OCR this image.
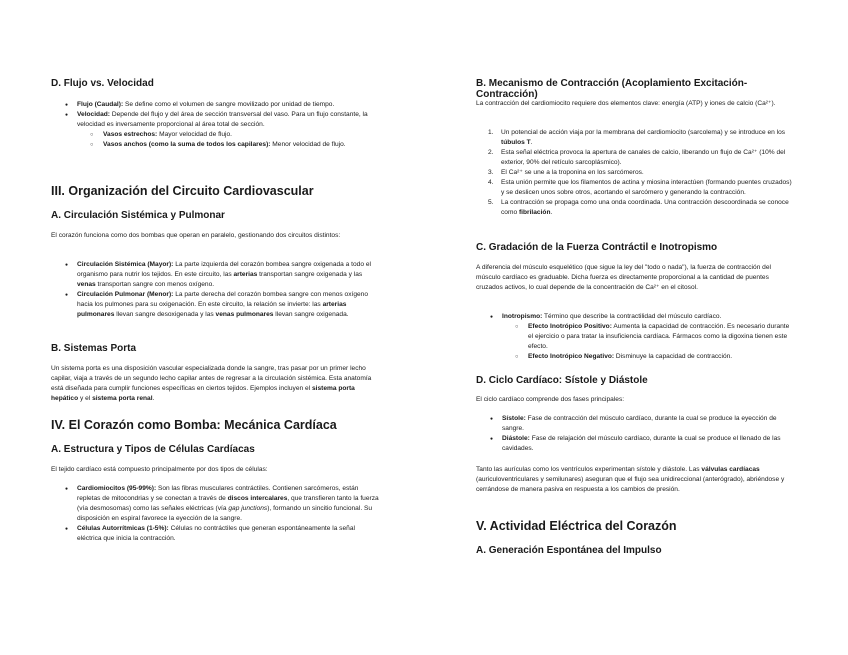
D. Flujo vs. Velocidad
● Flujo (Caudal): Se define como el volumen de sangre movilizado por unidad de tiempo.
● Velocidad: Depende del flujo y del área de sección transversal del vaso. Para un flujo constante, la velocidad es inversamente proporcional al área total de sección.
○ Vasos estrechos: Mayor velocidad de flujo.
○ Vasos anchos (como la suma de todos los capilares): Menor velocidad de flujo.
III. Organización del Circuito Cardiovascular
A. Circulación Sistémica y Pulmonar

El corazón funciona como dos bombas que operan en paralelo, gestionando dos circuitos distintos:

● Circulación Sistémica (Mayor): La parte izquierda del corazón bombea sangre oxigenada a todo el organismo para nutrir los tejidos. En este circuito, las arterias transportan sangre oxigenada y las venas transportan sangre con menos oxígeno.
● Circulación Pulmonar (Menor): La parte derecha del corazón bombea sangre con menos oxígeno hacia los pulmones para su oxigenación. En este circuito, la relación se invierte: las arterias pulmonares llevan sangre desoxigenada y las venas pulmonares llevan sangre oxigenada.
B. Sistemas Porta

Un sistema porta es una disposición vascular especializada donde la sangre, tras pasar por un primer lecho capilar, viaja a través de un segundo lecho capilar antes de regresar a la circulación sistémica. Esta anatomía está diseñada para cumplir funciones específicas en ciertos tejidos. Ejemplos incluyen el sistema porta hepático y el sistema porta renal.

IV. El Corazón como Bomba: Mecánica Cardíaca
A. Estructura y Tipos de Células Cardíacas

El tejido cardíaco está compuesto principalmente por dos tipos de células:

● Cardiomiocitos (95-99%): Son las fibras musculares contráctiles. Contienen sarcómeros, están repletas de mitocondrias y se conectan a través de discos intercalares, que transfieren tanto la fuerza (vía desmosomas) como las señales eléctricas (vía gap junctions), formando un sincitio funcional. Su disposición en espiral favorece la eyección de la sangre.
● Células Autorrítmicas (1-5%): Células no contráctiles que generan espontáneamente la señal eléctrica que inicia la contracción.
B. Mecanismo de Contracción (Acoplamiento Excitación-Contracción)

La contracción del cardiomiocito requiere dos elementos clave: energía (ATP) y iones de calcio (Ca²⁺).

1. Un potencial de acción viaja por la membrana del cardiomiocito (sarcolema) y se introduce en los túbulos T.
2. Esta señal eléctrica provoca la apertura de canales de calcio, liberando un flujo de Ca²⁺ (10% del exterior, 90% del retículo sarcoplásmico).
3. El Ca²⁺ se une a la troponina en los sarcómeros.
4. Esta unión permite que los filamentos de actina y miosina interactúen (formando puentes cruzados) y se deslicen unos sobre otros, acortando el sarcómero y generando la contracción.
5. La contracción se propaga como una onda coordinada. Una contracción descoordinada se conoce como fibrilación.
C. Gradación de la Fuerza Contráctil e Inotropismo

A diferencia del músculo esquelético (que sigue la ley del "todo o nada"), la fuerza de contracción del músculo cardíaco es graduable. Dicha fuerza es directamente proporcional a la cantidad de puentes cruzados activos, lo cual depende de la concentración de Ca²⁺ en el citosol.

● Inotropismo: Término que describe la contractilidad del músculo cardíaco.
○ Efecto Inotrópico Positivo: Aumenta la capacidad de contracción. Es necesario durante el ejercicio o para tratar la insuficiencia cardíaca. Fármacos como la digoxina tienen este efecto.
○ Efecto Inotrópico Negativo: Disminuye la capacidad de contracción.
D. Ciclo Cardíaco: Sístole y Diástole

El ciclo cardíaco comprende dos fases principales:

● Sístole: Fase de contracción del músculo cardíaco, durante la cual se produce la eyección de sangre.
● Diástole: Fase de relajación del músculo cardíaco, durante la cual se produce el llenado de las cavidades.

Tanto las aurículas como los ventrículos experimentan sístole y diástole. Las válvulas cardíacas (auriculoventriculares y semilunares) aseguran que el flujo sea unidireccional (anterógrado), abriéndose y cerrándose de manera pasiva en respuesta a los cambios de presión.

V. Actividad Eléctrica del Corazón
A. Generación Espontánea del Impulso
